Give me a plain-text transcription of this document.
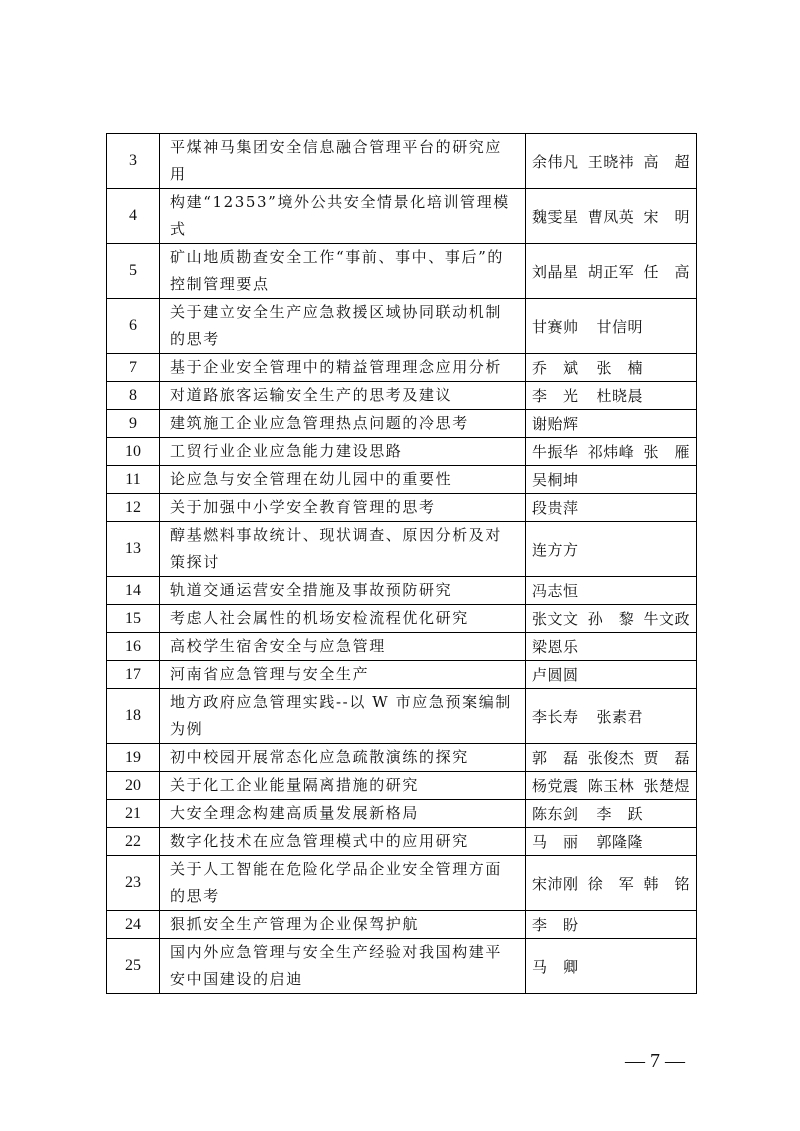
3	平煤神马集团安全信息融合管理平台的研究应用	余伟凡 王晓祎 高　超

4	构建“12353”境外公共安全情景化培训管理模式	魏雯星 曹凤英 宋　明

5	矿山地质勘查安全工作“事前、事中、事后”的控制管理要点	刘晶星 胡正军 任　高

6	关于建立安全生产应急救援区域协同联动机制的思考	甘赛帅 甘信明

7	基于企业安全管理中的精益管理理念应用分析	乔　斌 张　楠

8	对道路旅客运输安全生产的思考及建议	李　光 杜晓晨

9	建筑施工企业应急管理热点问题的冷思考	谢贻辉

10	工贸行业企业应急能力建设思路	牛振华 祁炜峰 张　雁

11	论应急与安全管理在幼儿园中的重要性	吴桐坤

12	关于加强中小学安全教育管理的思考	段贵萍

13	醇基燃料事故统计、现状调查、原因分析及对策探讨	连方方

14	轨道交通运营安全措施及事故预防研究	冯志恒

15	考虑人社会属性的机场安检流程优化研究	张文文 孙　黎 牛文政

16	高校学生宿舍安全与应急管理	梁恩乐

17	河南省应急管理与安全生产	卢圆圆

18	地方政府应急管理实践--以 W 市应急预案编制为例	李长寿 张素君

19	初中校园开展常态化应急疏散演练的探究	郭　磊 张俊杰 贾　磊

20	关于化工企业能量隔离措施的研究	杨党震 陈玉林 张楚煜

21	大安全理念构建高质量发展新格局	陈东剑 李　跃

22	数字化技术在应急管理模式中的应用研究	马　丽 郭隆隆

23	关于人工智能在危险化学品企业安全管理方面的思考	宋沛刚 徐　军 韩　铭

24	狠抓安全生产管理为企业保驾护航	李　盼

25	国内外应急管理与安全生产经验对我国构建平安中国建设的启迪	马　卿
— 7 —
